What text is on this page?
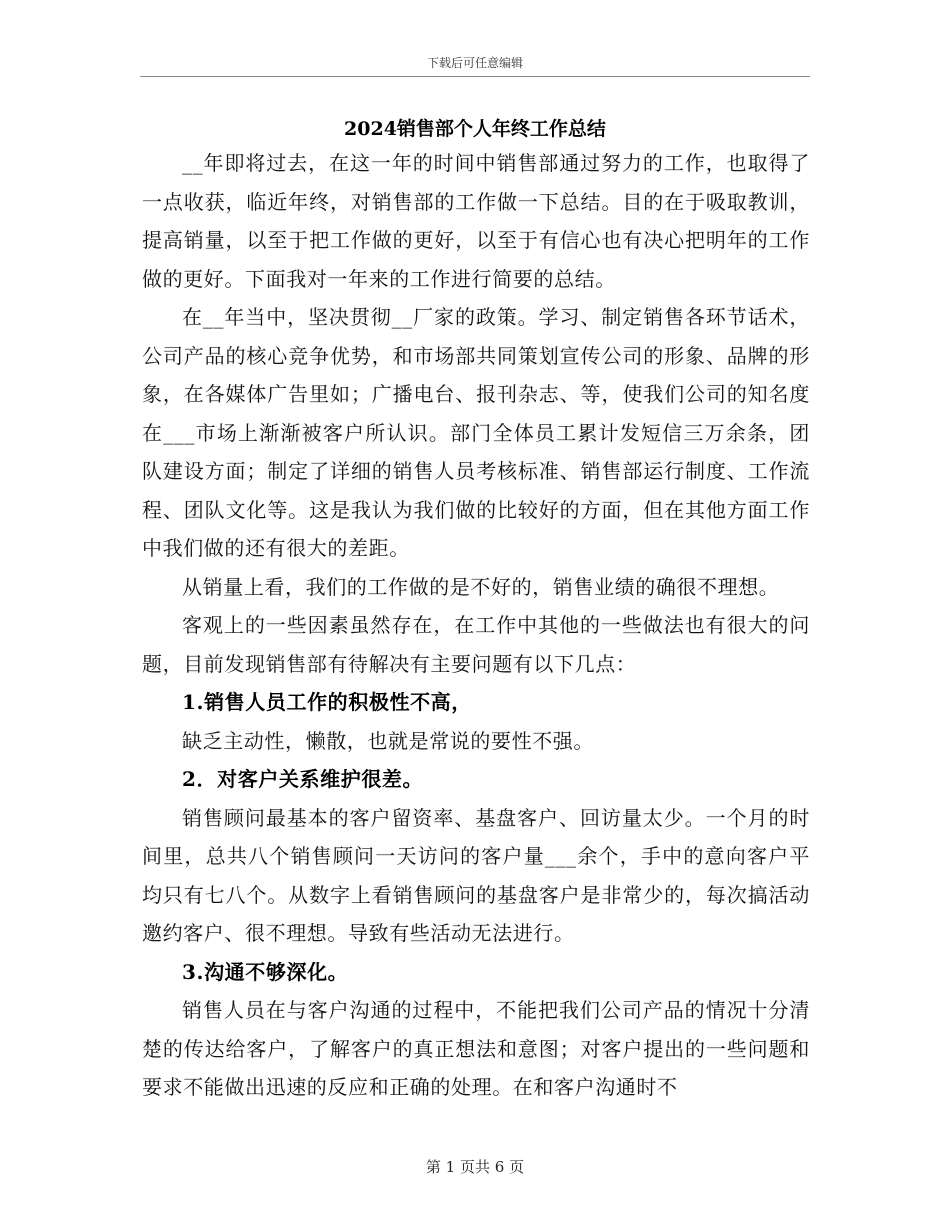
下载后可任意编辑
2024销售部个人年终工作总结

__年即将过去，在这一年的时间中销售部通过努力的工作，也取得了一点收获，临近年终，对销售部的工作做一下总结。目的在于吸取教训，提高销量，以至于把工作做的更好，以至于有信心也有决心把明年的工作做的更好。下面我对一年来的工作进行简要的总结。

在__年当中，坚决贯彻__厂家的政策。学习、制定销售各环节话术，公司产品的核心竞争优势，和市场部共同策划宣传公司的形象、品牌的形象，在各媒体广告里如；广播电台、报刊杂志、等，使我们公司的知名度在___市场上渐渐被客户所认识。部门全体员工累计发短信三万余条，团队建设方面；制定了详细的销售人员考核标准、销售部运行制度、工作流程、团队文化等。这是我认为我们做的比较好的方面，但在其他方面工作中我们做的还有很大的差距。

从销量上看，我们的工作做的是不好的，销售业绩的确很不理想。

客观上的一些因素虽然存在，在工作中其他的一些做法也有很大的问题，目前发现销售部有待解决有主要问题有以下几点：

1.销售人员工作的积极性不高，

缺乏主动性，懒散，也就是常说的要性不强。

2．对客户关系维护很差。

销售顾问最基本的客户留资率、基盘客户、回访量太少。一个月的时间里，总共八个销售顾问一天访问的客户量___余个，手中的意向客户平均只有七八个。从数字上看销售顾问的基盘客户是非常少的，每次搞活动邀约客户、很不理想。导致有些活动无法进行。

3.沟通不够深化。

销售人员在与客户沟通的过程中，不能把我们公司产品的情况十分清楚的传达给客户，了解客户的真正想法和意图；对客户提出的一些问题和要求不能做出迅速的反应和正确的处理。在和客户沟通时不

第 1 页共 6 页
